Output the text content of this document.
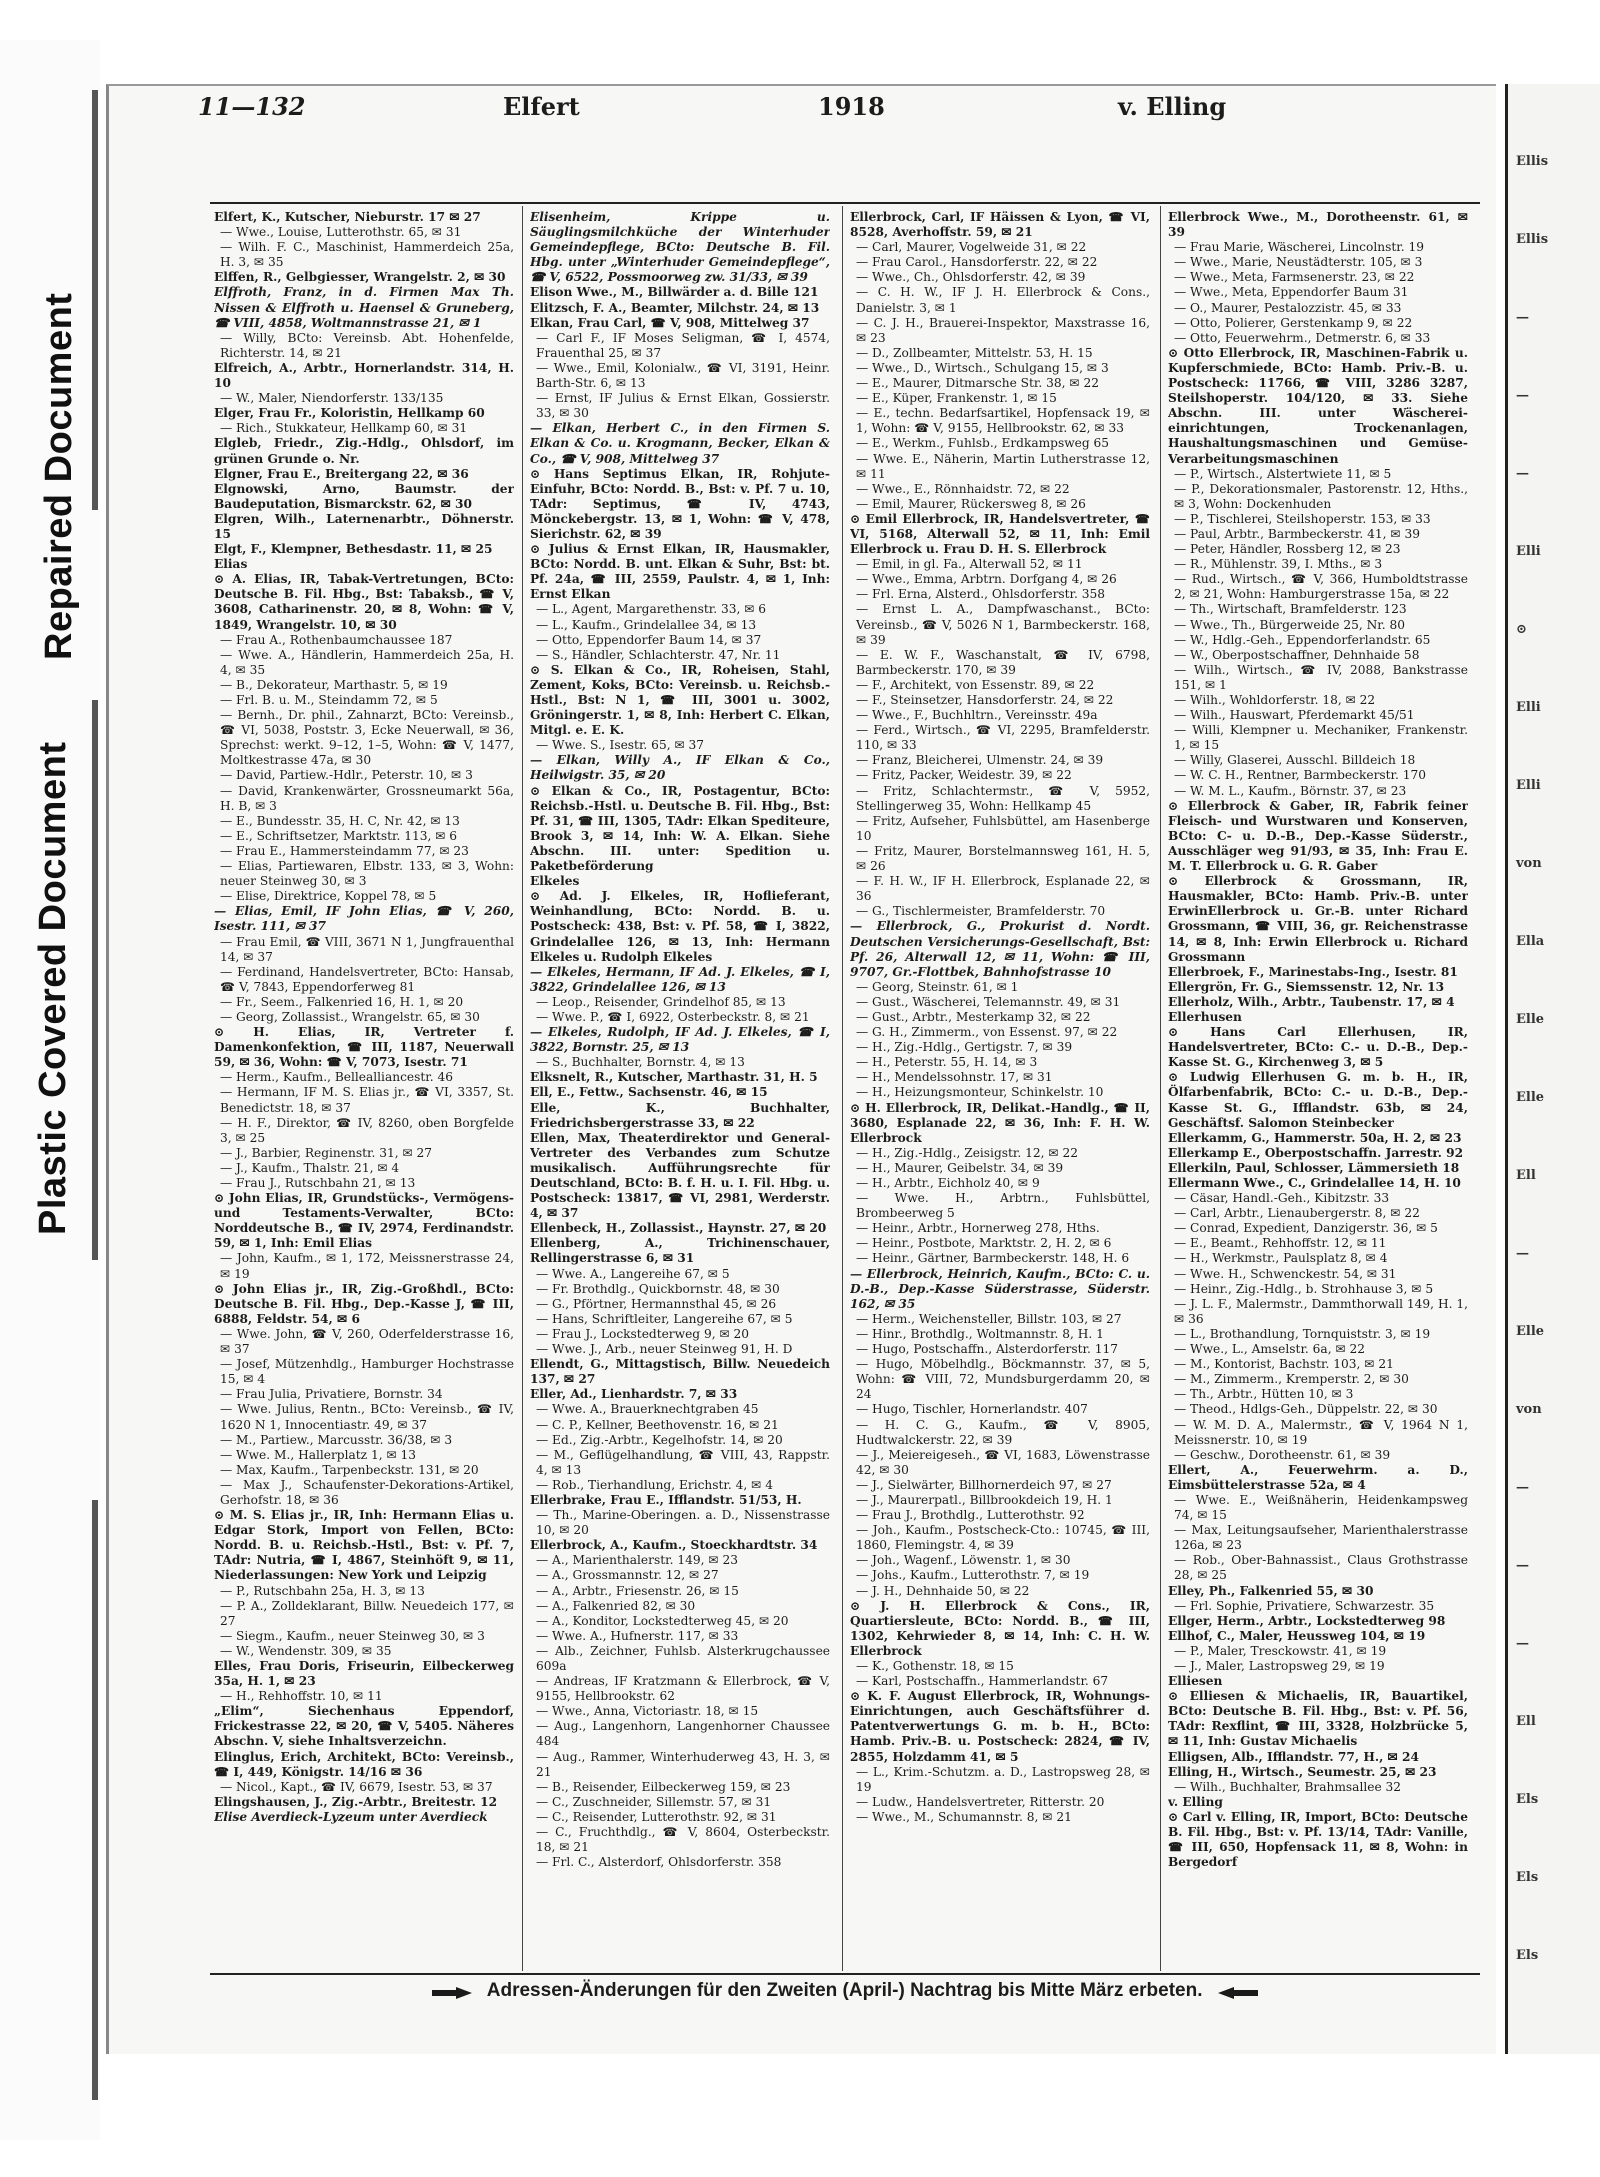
Repaired Document
Plastic Covered Document
Ellis
Ellis
—
—
—
Elli
⊙
Elli
Elli
von
Ella
Elle
Elle
Ell
—
Elle
von
—
—
—
Ell
Els
Els
Els
11—132	Elfert	1918	v. Elling
Elfert, K., Kutscher, Nieburstr. 17 ✉ 27
— Wwe., Louise, Lutterothstr. 65, ✉ 31
— Wilh. F. C., Maschinist, Hammerdeich 25a, H. 3, ✉ 35
Elffen, R., Gelbgiesser, Wrangelstr. 2, ✉ 30
Elffroth, Franz, in d. Firmen Max Th. Nissen & Elffroth u. Haensel & Gruneberg, ☎ VIII, 4858, Woltmannstrasse 21, ✉ 1
— Willy, BCto: Vereinsb. Abt. Hohenfelde, Richterstr. 14, ✉ 21
Elfreich, A., Arbtr., Hornerlandstr. 314, H. 10
— W., Maler, Niendorferstr. 133/135
Elger, Frau Fr., Koloristin, Hellkamp 60
— Rich., Stukkateur, Hellkamp 60, ✉ 31
Elgleb, Friedr., Zig.-Hdlg., Ohlsdorf, im grünen Grunde o. Nr.
Elgner, Frau E., Breitergang 22, ✉ 36
Elgnowski, Arno, Baumstr. der Baudeputation, Bismarckstr. 62, ✉ 30
Elgren, Wilh., Laternenarbtr., Döhnerstr. 15
Elgt, F., Klempner, Bethesdastr. 11, ✉ 25
Elias
⊙ A. Elias, IR, Tabak-Vertretungen, BCto: Deutsche B. Fil. Hbg., Bst: Tabaksb., ☎ V, 3608, Catharinenstr. 20, ✉ 8, Wohn: ☎ V, 1849, Wrangelstr. 10, ✉ 30
— Frau A., Rothenbaumchaussee 187
— Wwe. A., Händlerin, Hammerdeich 25a, H. 4, ✉ 35
— B., Dekorateur, Marthastr. 5, ✉ 19
— Frl. B. u. M., Steindamm 72, ✉ 5
— Bernh., Dr. phil., Zahnarzt, BCto: Vereinsb., ☎ VI, 5038, Poststr. 3, Ecke Neuerwall, ✉ 36, Sprechst: werkt. 9–12, 1–5, Wohn: ☎ V, 1477, Moltkestrasse 47a, ✉ 30
— David, Partiew.-Hdlr., Peterstr. 10, ✉ 3
— David, Krankenwärter, Grossneumarkt 56a, H. B, ✉ 3
— E., Bundesstr. 35, H. C, Nr. 42, ✉ 13
— E., Schriftsetzer, Marktstr. 113, ✉ 6
— Frau E., Hammersteindamm 77, ✉ 23
— Elias, Partiewaren, Elbstr. 133, ✉ 3, Wohn: neuer Steinweg 30, ✉ 3
— Elise, Direktrice, Koppel 78, ✉ 5
— Elias, Emil, IF John Elias, ☎ V, 260, Isestr. 111, ✉ 37
— Frau Emil, ☎ VIII, 3671 N 1, Jungfrauenthal 14, ✉ 37
— Ferdinand, Handelsvertreter, BCto: Hansab, ☎ V, 7843, Eppendorferweg 81
— Fr., Seem., Falkenried 16, H. 1, ✉ 20
— Georg, Zollassist., Wrangelstr. 65, ✉ 30
⊙ H. Elias, IR, Vertreter f. Damenkonfektion, ☎ III, 1187, Neuerwall 59, ✉ 36, Wohn: ☎ V, 7073, Isestr. 71
— Herm., Kaufm., Bellealliancestr. 46
— Hermann, IF M. S. Elias jr., ☎ VI, 3357, St. Benedictstr. 18, ✉ 37
— H. F., Direktor, ☎ IV, 8260, oben Borgfelde 3, ✉ 25
— J., Barbier, Reginenstr. 31, ✉ 27
— J., Kaufm., Thalstr. 21, ✉ 4
— Frau J., Rutschbahn 21, ✉ 13
⊙ John Elias, IR, Grundstücks-, Vermögens- und Testaments-Verwalter, BCto: Norddeutsche B., ☎ IV, 2974, Ferdinandstr. 59, ✉ 1, Inh: Emil Elias
— John, Kaufm., ✉ 1, 172, Meissnerstrasse 24, ✉ 19
⊙ John Elias jr., IR, Zig.-Großhdl., BCto: Deutsche B. Fil. Hbg., Dep.-Kasse J, ☎ III, 6888, Feldstr. 54, ✉ 6
— Wwe. John, ☎ V, 260, Oderfelderstrasse 16, ✉ 37
— Josef, Mützenhdlg., Hamburger Hochstrasse 15, ✉ 4
— Frau Julia, Privatiere, Bornstr. 34
— Wwe. Julius, Rentn., BCto: Vereinsb., ☎ IV, 1620 N 1, Innocentiastr. 49, ✉ 37
— M., Partiew., Marcusstr. 36/38, ✉ 3
— Wwe. M., Hallerplatz 1, ✉ 13
— Max, Kaufm., Tarpenbeckstr. 131, ✉ 20
— Max J., Schaufenster-Dekorations-Artikel, Gerhofstr. 18, ✉ 36
⊙ M. S. Elias jr., IR, Inh: Hermann Elias u. Edgar Stork, Import von Fellen, BCto: Nordd. B. u. Reichsb.-Hstl., Bst: v. Pf. 7, TAdr: Nutria, ☎ I, 4867, Steinhöft 9, ✉ 11, Niederlassungen: New York und Leipzig
— P., Rutschbahn 25a, H. 3, ✉ 13
— P. A., Zolldeklarant, Billw. Neuedeich 177, ✉ 27
— Siegm., Kaufm., neuer Steinweg 30, ✉ 3
— W., Wendenstr. 309, ✉ 35
Elles, Frau Doris, Friseurin, Eilbeckerweg 35a, H. 1, ✉ 23
— H., Rehhoffstr. 10, ✉ 11
„Elim“, Siechenhaus Eppendorf, Frickestrasse 22, ✉ 20, ☎ V, 5405. Näheres Abschn. V, siehe Inhaltsverzeichn.
Elinglus, Erich, Architekt, BCto: Vereinsb., ☎ I, 449, Königstr. 14/16 ✉ 36
— Nicol., Kapt., ☎ IV, 6679, Isestr. 53, ✉ 37
Elingshausen, J., Zig.-Arbtr., Breitestr. 12
Elise Averdieck-Lyzeum unter Averdieck
Elisenheim, Krippe u. Säuglingsmilchküche der Winterhuder Gemeindepflege, BCto: Deutsche B. Fil. Hbg. unter „Winterhuder Gemeindepflege“, ☎ V, 6522, Possmoorweg zw. 31/33, ✉ 39
Elison Wwe., M., Billwärder a. d. Bille 121
Elitzsch, F. A., Beamter, Milchstr. 24, ✉ 13
Elkan, Frau Carl, ☎ V, 908, Mittelweg 37
— Carl F., IF Moses Seligman, ☎ I, 4574, Frauenthal 25, ✉ 37
— Wwe., Emil, Kolonialw., ☎ VI, 3191, Heinr. Barth-Str. 6, ✉ 13
— Ernst, IF Julius & Ernst Elkan, Gossierstr. 33, ✉ 30
— Elkan, Herbert C., in den Firmen S. Elkan & Co. u. Krogmann, Becker, Elkan & Co., ☎ V, 908, Mittelweg 37
⊙ Hans Septimus Elkan, IR, Rohjute-Einfuhr, BCto: Nordd. B., Bst: v. Pf. 7 u. 10, TAdr: Septimus, ☎ IV, 4743, Mönckebergstr. 13, ✉ 1, Wohn: ☎ V, 478, Sierichstr. 62, ✉ 39
⊙ Julius & Ernst Elkan, IR, Hausmakler, BCto: Nordd. B. unt. Elkan & Suhr, Bst: bt. Pf. 24a, ☎ III, 2559, Paulstr. 4, ✉ 1, Inh: Ernst Elkan
— L., Agent, Margarethenstr. 33, ✉ 6
— L., Kaufm., Grindelallee 34, ✉ 13
— Otto, Eppendorfer Baum 14, ✉ 37
— S., Händler, Schlachterstr. 47, Nr. 11
⊙ S. Elkan & Co., IR, Roheisen, Stahl, Zement, Koks, BCto: Vereinsb. u. Reichsb.-Hstl., Bst: N 1, ☎ III, 3001 u. 3002, Gröningerstr. 1, ✉ 8, Inh: Herbert C. Elkan, Mitgl. e. E. K.
— Wwe. S., Isestr. 65, ✉ 37
— Elkan, Willy A., IF Elkan & Co., Heilwigstr. 35, ✉ 20
⊙ Elkan & Co., IR, Postagentur, BCto: Reichsb.-Hstl. u. Deutsche B. Fil. Hbg., Bst: Pf. 31, ☎ III, 1305, TAdr: Elkan Spediteure, Brook 3, ✉ 14, Inh: W. A. Elkan. Siehe Abschn. III. unter: Spedition u. Paketbeförderung
Elkeles
⊙ Ad. J. Elkeles, IR, Hoflieferant, Weinhandlung, BCto: Nordd. B. u. Postscheck: 438, Bst: v. Pf. 58, ☎ I, 3822, Grindelallee 126, ✉ 13, Inh: Hermann Elkeles u. Rudolph Elkeles
— Elkeles, Hermann, IF Ad. J. Elkeles, ☎ I, 3822, Grindelallee 126, ✉ 13
— Leop., Reisender, Grindelhof 85, ✉ 13
— Wwe. P., ☎ I, 6922, Osterbeckstr. 8, ✉ 21
— Elkeles, Rudolph, IF Ad. J. Elkeles, ☎ I, 3822, Bornstr. 25, ✉ 13
— S., Buchhalter, Bornstr. 4, ✉ 13
Elksnelt, R., Kutscher, Marthastr. 31, H. 5
Ell, E., Fettw., Sachsenstr. 46, ✉ 15
Elle, K., Buchhalter, Friedrichsbergerstrasse 33, ✉ 22
Ellen, Max, Theaterdirektor und General-Vertreter des Verbandes zum Schutze musikalisch. Aufführungsrechte für Deutschland, BCto: B. f. H. u. I. Fil. Hbg. u. Postscheck: 13817, ☎ VI, 2981, Werderstr. 4, ✉ 37
Ellenbeck, H., Zollassist., Haynstr. 27, ✉ 20
Ellenberg, A., Trichinenschauer, Rellingerstrasse 6, ✉ 31
— Wwe. A., Langereihe 67, ✉ 5
— Fr. Brothdlg., Quickbornstr. 48, ✉ 30
— G., Pförtner, Hermannsthal 45, ✉ 26
— Hans, Schriftleiter, Langereihe 67, ✉ 5
— Frau J., Lockstedterweg 9, ✉ 20
— Wwe. J., Arb., neuer Steinweg 91, H. D
Ellendt, G., Mittagstisch, Billw. Neuedeich 137, ✉ 27
Eller, Ad., Lienhardstr. 7, ✉ 33
— Wwe. A., Brauerknechtgraben 45
— C. P., Kellner, Beethovenstr. 16, ✉ 21
— Ed., Zig.-Arbtr., Kegelhofstr. 14, ✉ 20
— M., Geflügelhandlung, ☎ VIII, 43, Rappstr. 4, ✉ 13
— Rob., Tierhandlung, Erichstr. 4, ✉ 4
Ellerbrake, Frau E., Ifflandstr. 51/53, H.
— Th., Marine-Oberingen. a. D., Nissenstrasse 10, ✉ 20
Ellerbrock, A., Kaufm., Stoeckhardtstr. 34
— A., Marienthalerstr. 149, ✉ 23
— A., Grossmannstr. 12, ✉ 27
— A., Arbtr., Friesenstr. 26, ✉ 15
— A., Falkenried 82, ✉ 30
— A., Konditor, Lockstedterweg 45, ✉ 20
— Wwe. A., Hufnerstr. 117, ✉ 33
— Alb., Zeichner, Fuhlsb. Alsterkrugchaussee 609a
— Andreas, IF Kratzmann & Ellerbrock, ☎ V, 9155, Hellbrookstr. 62
— Wwe., Anna, Victoriastr. 18, ✉ 15
— Aug., Langenhorn, Langenhorner Chaussee 484
— Aug., Rammer, Winterhuderweg 43, H. 3, ✉ 21
— B., Reisender, Eilbeckerweg 159, ✉ 23
— C., Zuschneider, Sillemstr. 57, ✉ 31
— C., Reisender, Lutterothstr. 92, ✉ 31
— C., Fruchthdlg., ☎ V, 8604, Osterbeckstr. 18, ✉ 21
— Frl. C., Alsterdorf, Ohlsdorferstr. 358
Ellerbrock, Carl, IF Häissen & Lyon, ☎ VI, 8528, Averhoffstr. 59, ✉ 21
— Carl, Maurer, Vogelweide 31, ✉ 22
— Frau Carol., Hansdorferstr. 22, ✉ 22
— Wwe., Ch., Ohlsdorferstr. 42, ✉ 39
— C. H. W., IF J. H. Ellerbrock & Cons., Danielstr. 3, ✉ 1
— C. J. H., Brauerei-Inspektor, Maxstrasse 16, ✉ 23
— D., Zollbeamter, Mittelstr. 53, H. 15
— Wwe., D., Wirtsch., Schulgang 15, ✉ 3
— E., Maurer, Ditmarsche Str. 38, ✉ 22
— E., Küper, Frankenstr. 1, ✉ 15
— E., techn. Bedarfsartikel, Hopfensack 19, ✉ 1, Wohn: ☎ V, 9155, Hellbrookstr. 62, ✉ 33
— E., Werkm., Fuhlsb., Erdkampsweg 65
— Wwe. E., Näherin, Martin Lutherstrasse 12, ✉ 11
— Wwe., E., Rönnhaidstr. 72, ✉ 22
— Emil, Maurer, Rückersweg 8, ✉ 26
⊙ Emil Ellerbrock, IR, Handelsvertreter, ☎ VI, 5168, Alterwall 52, ✉ 11, Inh: Emil Ellerbrock u. Frau D. H. S. Ellerbrock
— Emil, in gl. Fa., Alterwall 52, ✉ 11
— Wwe., Emma, Arbtrn. Dorfgang 4, ✉ 26
— Frl. Erna, Alsterd., Ohlsdorferstr. 358
— Ernst L. A., Dampfwaschanst., BCto: Vereinsb., ☎ V, 5026 N 1, Barmbeckerstr. 168, ✉ 39
— E. W. F., Waschanstalt, ☎ IV, 6798, Barmbeckerstr. 170, ✉ 39
— F., Architekt, von Essenstr. 89, ✉ 22
— F., Steinsetzer, Hansdorferstr. 24, ✉ 22
— Wwe., F., Buchhltrn., Vereinsstr. 49a
— Ferd., Wirtsch., ☎ VI, 2295, Bramfelderstr. 110, ✉ 33
— Franz, Bleicherei, Ulmenstr. 24, ✉ 39
— Fritz, Packer, Weidestr. 39, ✉ 22
— Fritz, Schlachtermstr., ☎ V, 5952, Stellingerweg 35, Wohn: Hellkamp 45
— Fritz, Aufseher, Fuhlsbüttel, am Hasenberge 10
— Fritz, Maurer, Borstelmannsweg 161, H. 5, ✉ 26
— F. H. W., IF H. Ellerbrock, Esplanade 22, ✉ 36
— G., Tischlermeister, Bramfelderstr. 70
— Ellerbrock, G., Prokurist d. Nordt. Deutschen Versicherungs-Gesellschaft, Bst: Pf. 26, Alterwall 12, ✉ 11, Wohn: ☎ III, 9707, Gr.-Flottbek, Bahnhofstrasse 10
— Georg, Steinstr. 61, ✉ 1
— Gust., Wäscherei, Telemannstr. 49, ✉ 31
— Gust., Arbtr., Mesterkamp 32, ✉ 22
— G. H., Zimmerm., von Essenst. 97, ✉ 22
— H., Zig.-Hdlg., Gertigstr. 7, ✉ 39
— H., Peterstr. 55, H. 14, ✉ 3
— H., Mendelssohnstr. 17, ✉ 31
— H., Heizungsmonteur, Schinkelstr. 10
⊙ H. Ellerbrock, IR, Delikat.-Handlg., ☎ II, 3680, Esplanade 22, ✉ 36, Inh: F. H. W. Ellerbrock
— H., Zig.-Hdlg., Zeisigstr. 12, ✉ 22
— H., Maurer, Geibelstr. 34, ✉ 39
— H., Arbtr., Eichholz 40, ✉ 9
— Wwe. H., Arbtrn., Fuhlsbüttel, Brombeerweg 5
— Heinr., Arbtr., Hornerweg 278, Hths.
— Heinr., Postbote, Marktstr. 2, H. 2, ✉ 6
— Heinr., Gärtner, Barmbeckerstr. 148, H. 6
— Ellerbrock, Heinrich, Kaufm., BCto: C. u. D.-B., Dep.-Kasse Süderstrasse, Süderstr. 162, ✉ 35
— Herm., Weichensteller, Billstr. 103, ✉ 27
— Hinr., Brothdlg., Woltmannstr. 8, H. 1
— Hugo, Postschaffn., Alsterdorferstr. 117
— Hugo, Möbelhdlg., Böckmannstr. 37, ✉ 5, Wohn: ☎ VIII, 72, Mundsburgerdamm 20, ✉ 24
— Hugo, Tischler, Hornerlandstr. 407
— H. C. G., Kaufm., ☎ V, 8905, Hudtwalckerstr. 22, ✉ 39
— J., Meiereigeseh., ☎ VI, 1683, Löwenstrasse 42, ✉ 30
— J., Sielwärter, Billhornerdeich 97, ✉ 27
— J., Maurerpatl., Billbrookdeich 19, H. 1
— Frau J., Brothdlg., Lutterothstr. 92
— Joh., Kaufm., Postscheck-Cto.: 10745, ☎ III, 1860, Flemingstr. 4, ✉ 39
— Joh., Wagenf., Löwenstr. 1, ✉ 30
— Johs., Kaufm., Lutterothstr. 7, ✉ 19
— J. H., Dehnhaide 50, ✉ 22
⊙ J. H. Ellerbrock & Cons., IR, Quartiersleute, BCto: Nordd. B., ☎ III, 1302, Kehrwieder 8, ✉ 14, Inh: C. H. W. Ellerbrock
— K., Gothenstr. 18, ✉ 15
— Karl, Postschaffn., Hammerlandstr. 67
⊙ K. F. August Ellerbrock, IR, Wohnungs-Einrichtungen, auch Geschäftsführer d. Patentverwertungs G. m. b. H., BCto: Hamb. Priv.-B. u. Postscheck: 2824, ☎ IV, 2855, Holzdamm 41, ✉ 5
— L., Krim.-Schutzm. a. D., Lastropsweg 28, ✉ 19
— Ludw., Handelsvertreter, Ritterstr. 20
— Wwe., M., Schumannstr. 8, ✉ 21
Ellerbrock Wwe., M., Dorotheenstr. 61, ✉ 39
— Frau Marie, Wäscherei, Lincolnstr. 19
— Wwe., Marie, Neustädterstr. 105, ✉ 3
— Wwe., Meta, Farmsenerstr. 23, ✉ 22
— Wwe., Meta, Eppendorfer Baum 31
— O., Maurer, Pestalozzistr. 45, ✉ 33
— Otto, Polierer, Gerstenkamp 9, ✉ 22
— Otto, Feuerwehrm., Detmerstr. 6, ✉ 33
⊙ Otto Ellerbrock, IR, Maschinen-Fabrik u. Kupferschmiede, BCto: Hamb. Priv.-B. u. Postscheck: 11766, ☎ VIII, 3286 3287, Steilshoperstr. 104/120, ✉ 33. Siehe Abschn. III. unter Wäscherei-einrichtungen, Trockenanlagen, Haushaltungsmaschinen und Gemüse-Verarbeitungsmaschinen
— P., Wirtsch., Alstertwiete 11, ✉ 5
— P., Dekorationsmaler, Pastorenstr. 12, Hths., ✉ 3, Wohn: Dockenhuden
— P., Tischlerei, Steilshoperstr. 153, ✉ 33
— Paul, Arbtr., Barmbeckerstr. 41, ✉ 39
— Peter, Händler, Rossberg 12, ✉ 23
— R., Mühlenstr. 39, I. Mths., ✉ 3
— Rud., Wirtsch., ☎ V, 366, Humboldtstrasse 2, ✉ 21, Wohn: Hamburgerstrasse 15a, ✉ 22
— Th., Wirtschaft, Bramfelderstr. 123
— Wwe., Th., Bürgerweide 25, Nr. 80
— W., Hdlg.-Geh., Eppendorferlandstr. 65
— W., Oberpostschaffner, Dehnhaide 58
— Wilh., Wirtsch., ☎ IV, 2088, Bankstrasse 151, ✉ 1
— Wilh., Wohldorferstr. 18, ✉ 22
— Wilh., Hauswart, Pferdemarkt 45/51
— Willi, Klempner u. Mechaniker, Frankenstr. 1, ✉ 15
— Willy, Glaserei, Ausschl. Billdeich 18
— W. C. H., Rentner, Barmbeckerstr. 170
— W. M. L., Kaufm., Börnstr. 37, ✉ 23
⊙ Ellerbrock & Gaber, IR, Fabrik feiner Fleisch- und Wurstwaren und Konserven, BCto: C- u. D.-B., Dep.-Kasse Süderstr., Ausschläger weg 91/93, ✉ 35, Inh: Frau E. M. T. Ellerbrock u. G. R. Gaber
⊙ Ellerbrock & Grossmann, IR, Hausmakler, BCto: Hamb. Priv.-B. unter ErwinEllerbrock u. Gr.-B. unter Richard Grossmann, ☎ VIII, 36, gr. Reichenstrasse 14, ✉ 8, Inh: Erwin Ellerbrock u. Richard Grossmann
Ellerbroek, F., Marinestabs-Ing., Isestr. 81
Ellergrön, Fr. G., Siemssenstr. 12, Nr. 13
Ellerholz, Wilh., Arbtr., Taubenstr. 17, ✉ 4
Ellerhusen
⊙ Hans Carl Ellerhusen, IR, Handelsvertreter, BCto: C.- u. D.-B., Dep.-Kasse St. G., Kirchenweg 3, ✉ 5
⊙ Ludwig Ellerhusen G. m. b. H., IR, Ölfarbenfabrik, BCto: C.- u. D.-B., Dep.-Kasse St. G., Ifflandstr. 63b, ✉ 24, Geschäftsf. Salomon Steinbecker
Ellerkamm, G., Hammerstr. 50a, H. 2, ✉ 23
Ellerkamp E., Oberpostschaffn. Jarrestr. 92
Ellerkiln, Paul, Schlosser, Lämmersieth 18
Ellermann Wwe., C., Grindelallee 14, H. 10
— Cäsar, Handl.-Geh., Kibitzstr. 33
— Carl, Arbtr., Lienaubergerstr. 8, ✉ 22
— Conrad, Expedient, Danzigerstr. 36, ✉ 5
— E., Beamt., Rehhoffstr. 12, ✉ 11
— H., Werkmstr., Paulsplatz 8, ✉ 4
— Wwe. H., Schwenckestr. 54, ✉ 31
— Heinr., Zig.-Hdlg., b. Strohhause 3, ✉ 5
— J. L. F., Malermstr., Dammthorwall 149, H. 1, ✉ 36
— L., Brothandlung, Tornquiststr. 3, ✉ 19
— Wwe., L., Amselstr. 6a, ✉ 22
— M., Kontorist, Bachstr. 103, ✉ 21
— M., Zimmerm., Kremperstr. 2, ✉ 30
— Th., Arbtr., Hütten 10, ✉ 3
— Theod., Hdlgs-Geh., Düppelstr. 22, ✉ 30
— W. M. D. A., Malermstr., ☎ V, 1964 N 1, Meissnerstr. 10, ✉ 19
— Geschw., Dorotheenstr. 61, ✉ 39
Ellert, A., Feuerwehrm. a. D., Eimsbüttelerstrasse 52a, ✉ 4
— Wwe. E., Weißnäherin, Heidenkampsweg 74, ✉ 15
— Max, Leitungsaufseher, Marienthalerstrasse 126a, ✉ 23
— Rob., Ober-Bahnassist., Claus Grothstrasse 28, ✉ 25
Elley, Ph., Falkenried 55, ✉ 30
— Frl. Sophie, Privatiere, Schwarzestr. 35
Ellger, Herm., Arbtr., Lockstedterweg 98
Ellhof, C., Maler, Heussweg 104, ✉ 19
— P., Maler, Tresckowstr. 41, ✉ 19
— J., Maler, Lastropsweg 29, ✉ 19
Elliesen
⊙ Elliesen & Michaelis, IR, Bauartikel, BCto: Deutsche B. Fil. Hbg., Bst: v. Pf. 56, TAdr: Rexflint, ☎ III, 3328, Holzbrücke 5, ✉ 11, Inh: Gustav Michaelis
Elligsen, Alb., Ifflandstr. 77, H., ✉ 24
Elling, H., Wirtsch., Seumestr. 25, ✉ 23
— Wilh., Buchhalter, Brahmsallee 32
v. Elling
⊙ Carl v. Elling, IR, Import, BCto: Deutsche B. Fil. Hbg., Bst: v. Pf. 13/14, TAdr: Vanille, ☎ III, 650, Hopfensack 11, ✉ 8, Wohn: in Bergedorf
Adressen-Änderungen für den Zweiten (April-) Nachtrag bis Mitte März erbeten.
